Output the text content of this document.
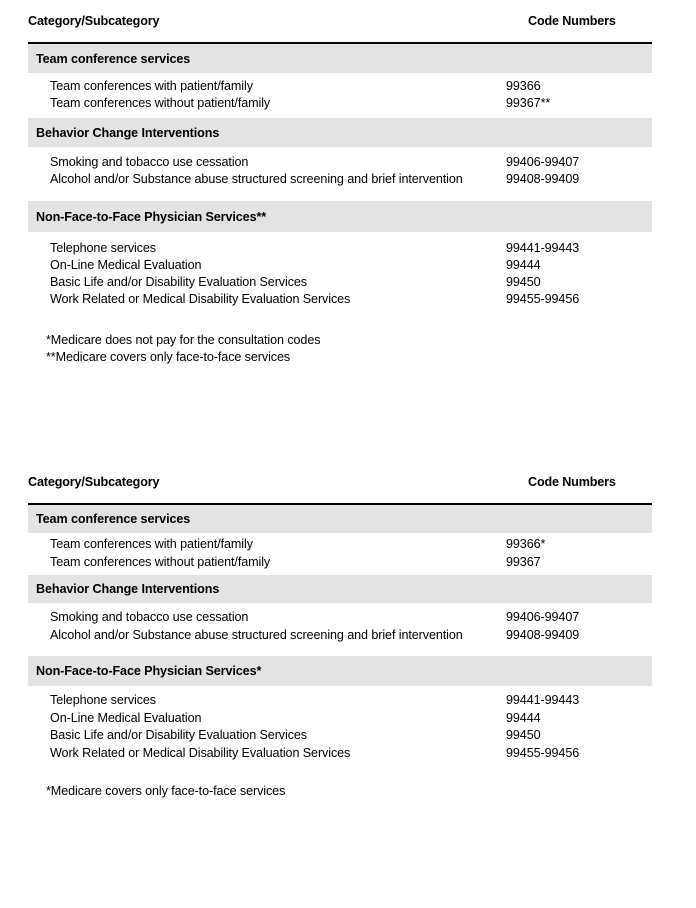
Category/Subcategory	Code Numbers
Team conference services
Team conferences with patient/family	99366
Team conferences without patient/family	99367**
Behavior Change Interventions
Smoking and tobacco use cessation	99406-99407
Alcohol and/or Substance abuse structured screening and brief intervention	99408-99409
Non-Face-to-Face Physician Services**
Telephone services	99441-99443
On-Line Medical Evaluation	99444
Basic Life and/or Disability Evaluation Services	99450
Work Related or Medical Disability Evaluation Services	99455-99456
*Medicare does not pay for the consultation codes
**Medicare covers only face-to-face services
Category/Subcategory	Code Numbers
Team conference services
Team conferences with patient/family	99366*
Team conferences without patient/family	99367
Behavior Change Interventions
Smoking and tobacco use cessation	99406-99407
Alcohol and/or Substance abuse structured screening and brief intervention	99408-99409
Non-Face-to-Face Physician Services*
Telephone services	99441-99443
On-Line Medical Evaluation	99444
Basic Life and/or Disability Evaluation Services	99450
Work Related or Medical Disability Evaluation Services	99455-99456
*Medicare covers only face-to-face services
